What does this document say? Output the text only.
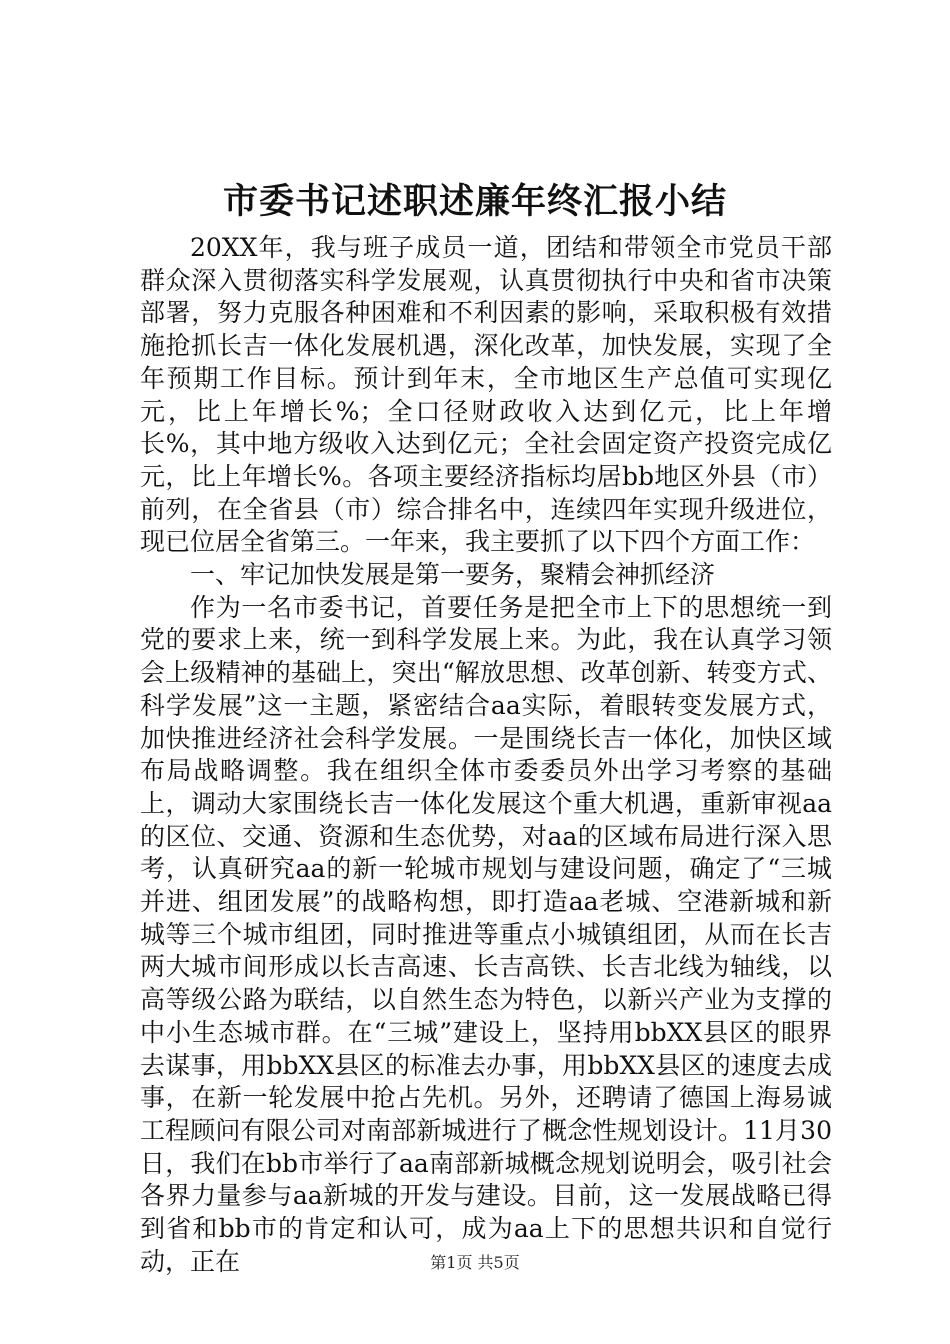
市委书记述职述廉年终汇报小结

20XX年，我与班子成员一道，团结和带领全市党员干部群众深入贯彻落实科学发展观，认真贯彻执行中央和省市决策部署，努力克服各种困难和不利因素的影响，采取积极有效措施抢抓长吉一体化发展机遇，深化改革，加快发展，实现了全年预期工作目标。预计到年末，全市地区生产总值可实现亿元，比上年增长%；全口径财政收入达到亿元，比上年增长%，其中地方级收入达到亿元；全社会固定资产投资完成亿元，比上年增长%。各项主要经济指标均居bb地区外县（市）前列，在全省县（市）综合排名中，连续四年实现升级进位，现已位居全省第三。一年来，我主要抓了以下四个方面工作：

一、牢记加快发展是第一要务，聚精会神抓经济

作为一名市委书记，首要任务是把全市上下的思想统一到党的要求上来，统一到科学发展上来。为此，我在认真学习领会上级精神的基础上，突出“解放思想、改革创新、转变方式、科学发展”这一主题，紧密结合aa实际，着眼转变发展方式，加快推进经济社会科学发展。一是围绕长吉一体化，加快区域布局战略调整。我在组织全体市委委员外出学习考察的基础上，调动大家围绕长吉一体化发展这个重大机遇，重新审视aa的区位、交通、资源和生态优势，对aa的区域布局进行深入思考，认真研究aa的新一轮城市规划与建设问题，确定了“三城并进、组团发展”的战略构想，即打造aa老城、空港新城和新城等三个城市组团，同时推进等重点小城镇组团，从而在长吉两大城市间形成以长吉高速、长吉高铁、长吉北线为轴线，以高等级公路为联结，以自然生态为特色，以新兴产业为支撑的中小生态城市群。在“三城”建设上，坚持用bbXX县区的眼界去谋事，用bbXX县区的标准去办事，用bbXX县区的速度去成事，在新一轮发展中抢占先机。另外，还聘请了德国上海易诚工程顾问有限公司对南部新城进行了概念性规划设计。11月30日，我们在bb市举行了aa南部新城概念规划说明会，吸引社会各界力量参与aa新城的开发与建设。目前，这一发展战略已得到省和bb市的肯定和认可，成为aa上下的思想共识和自觉行动，正在	第1页 共5页
